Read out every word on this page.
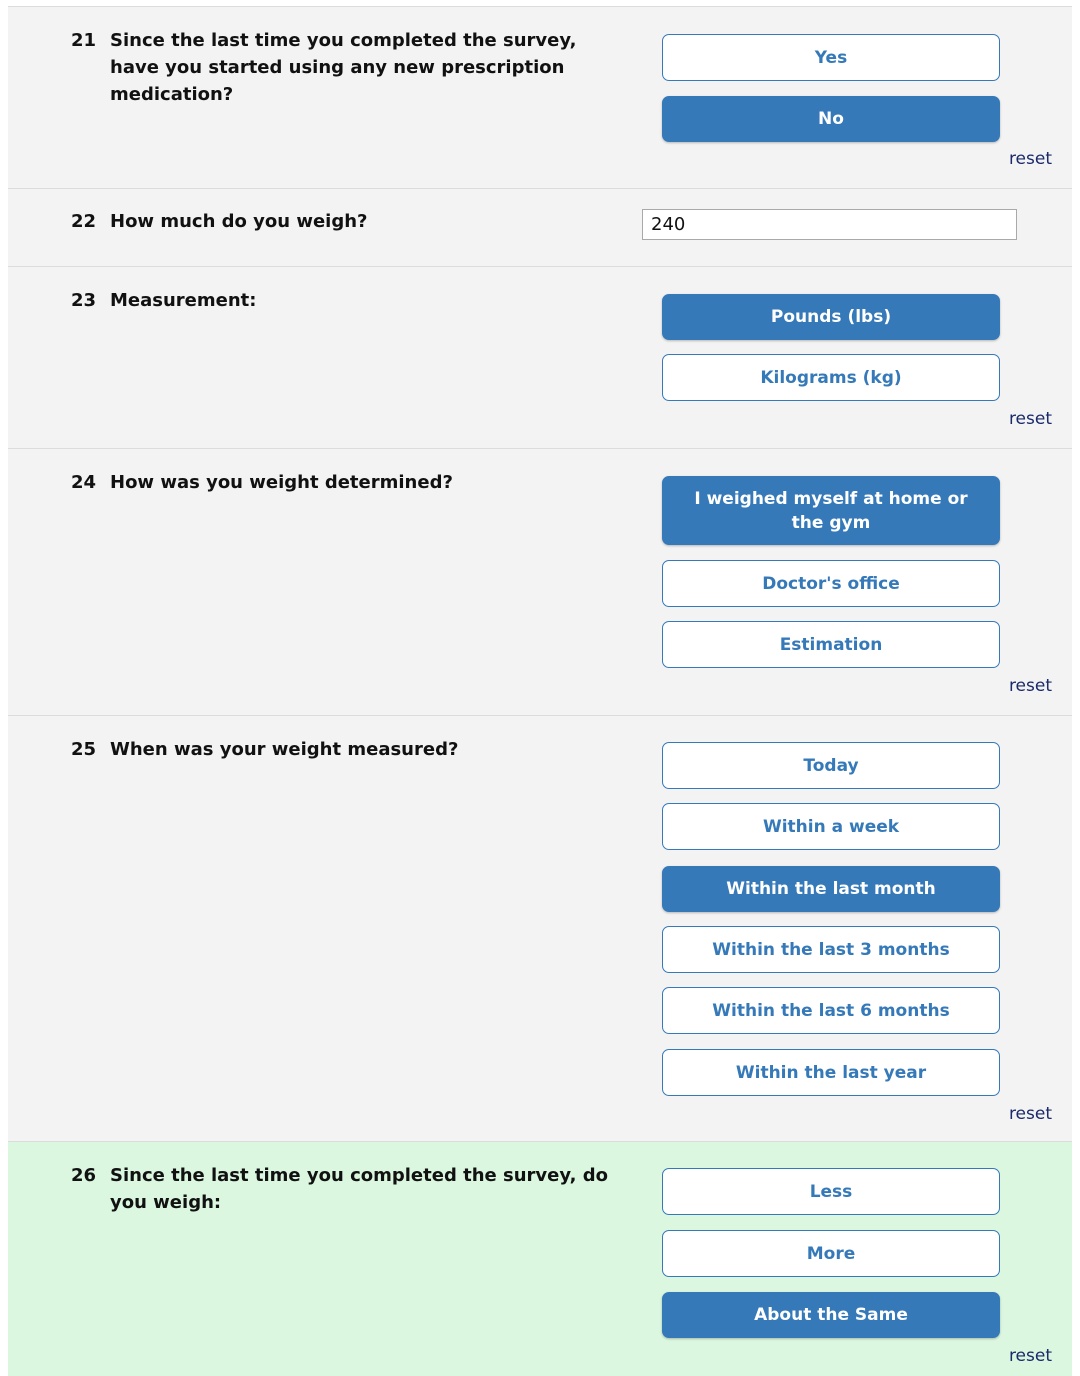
21 Since the last time you completed the survey, have you started using any new prescription medication?
Yes
No
reset
22 How much do you weigh?
240
23 Measurement:
Pounds (lbs)
Kilograms (kg)
reset
24 How was you weight determined?
I weighed myself at home or the gym
Doctor's office
Estimation
reset
25 When was your weight measured?
Today
Within a week
Within the last month
Within the last 3 months
Within the last 6 months
Within the last year
reset
26 Since the last time you completed the survey, do you weigh:
Less
More
About the Same
reset
